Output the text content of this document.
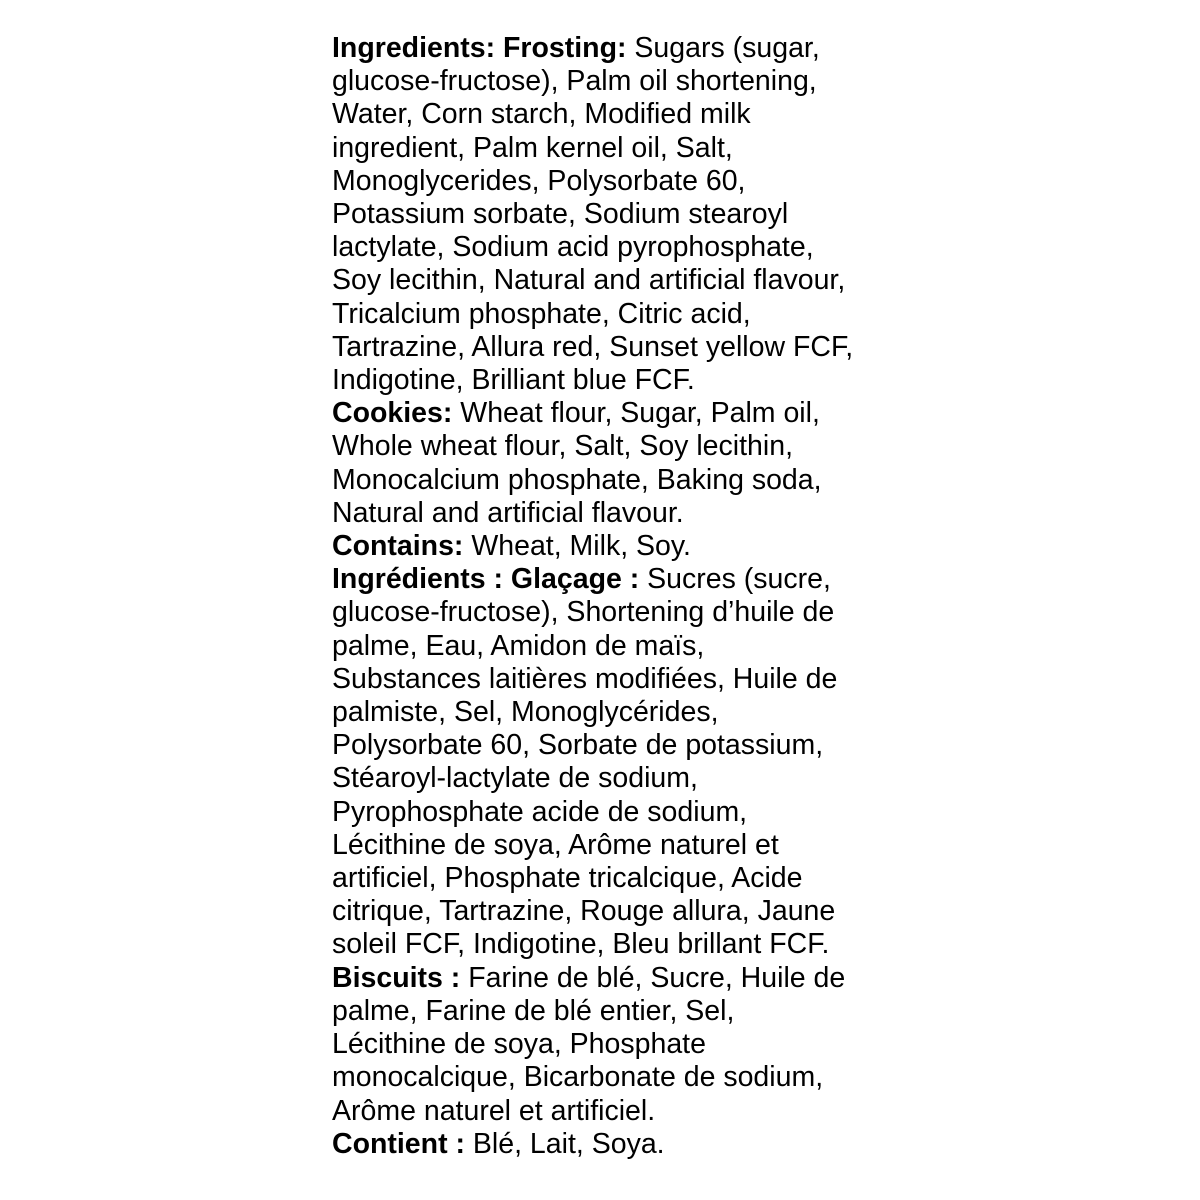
Ingredients: Frosting: Sugars (sugar,
glucose-fructose), Palm oil shortening,
Water, Corn starch, Modified milk
ingredient, Palm kernel oil, Salt,
Monoglycerides, Polysorbate 60,
Potassium sorbate, Sodium stearoyl
lactylate, Sodium acid pyrophosphate,
Soy lecithin, Natural and artificial flavour,
Tricalcium phosphate, Citric acid,
Tartrazine, Allura red, Sunset yellow FCF,
Indigotine, Brilliant blue FCF.
Cookies: Wheat flour, Sugar, Palm oil,
Whole wheat flour, Salt, Soy lecithin,
Monocalcium phosphate, Baking soda,
Natural and artificial flavour.
Contains: Wheat, Milk, Soy.
Ingrédients : Glaçage : Sucres (sucre,
glucose-fructose), Shortening d’huile de
palme, Eau, Amidon de maïs,
Substances laitières modifiées, Huile de
palmiste, Sel, Monoglycérides,
Polysorbate 60, Sorbate de potassium,
Stéaroyl-lactylate de sodium,
Pyrophosphate acide de sodium,
Lécithine de soya, Arôme naturel et
artificiel, Phosphate tricalcique, Acide
citrique, Tartrazine, Rouge allura, Jaune
soleil FCF, Indigotine, Bleu brillant FCF.
Biscuits : Farine de blé, Sucre, Huile de
palme, Farine de blé entier, Sel,
Lécithine de soya, Phosphate
monocalcique, Bicarbonate de sodium,
Arôme naturel et artificiel.
Contient : Blé, Lait, Soya.
